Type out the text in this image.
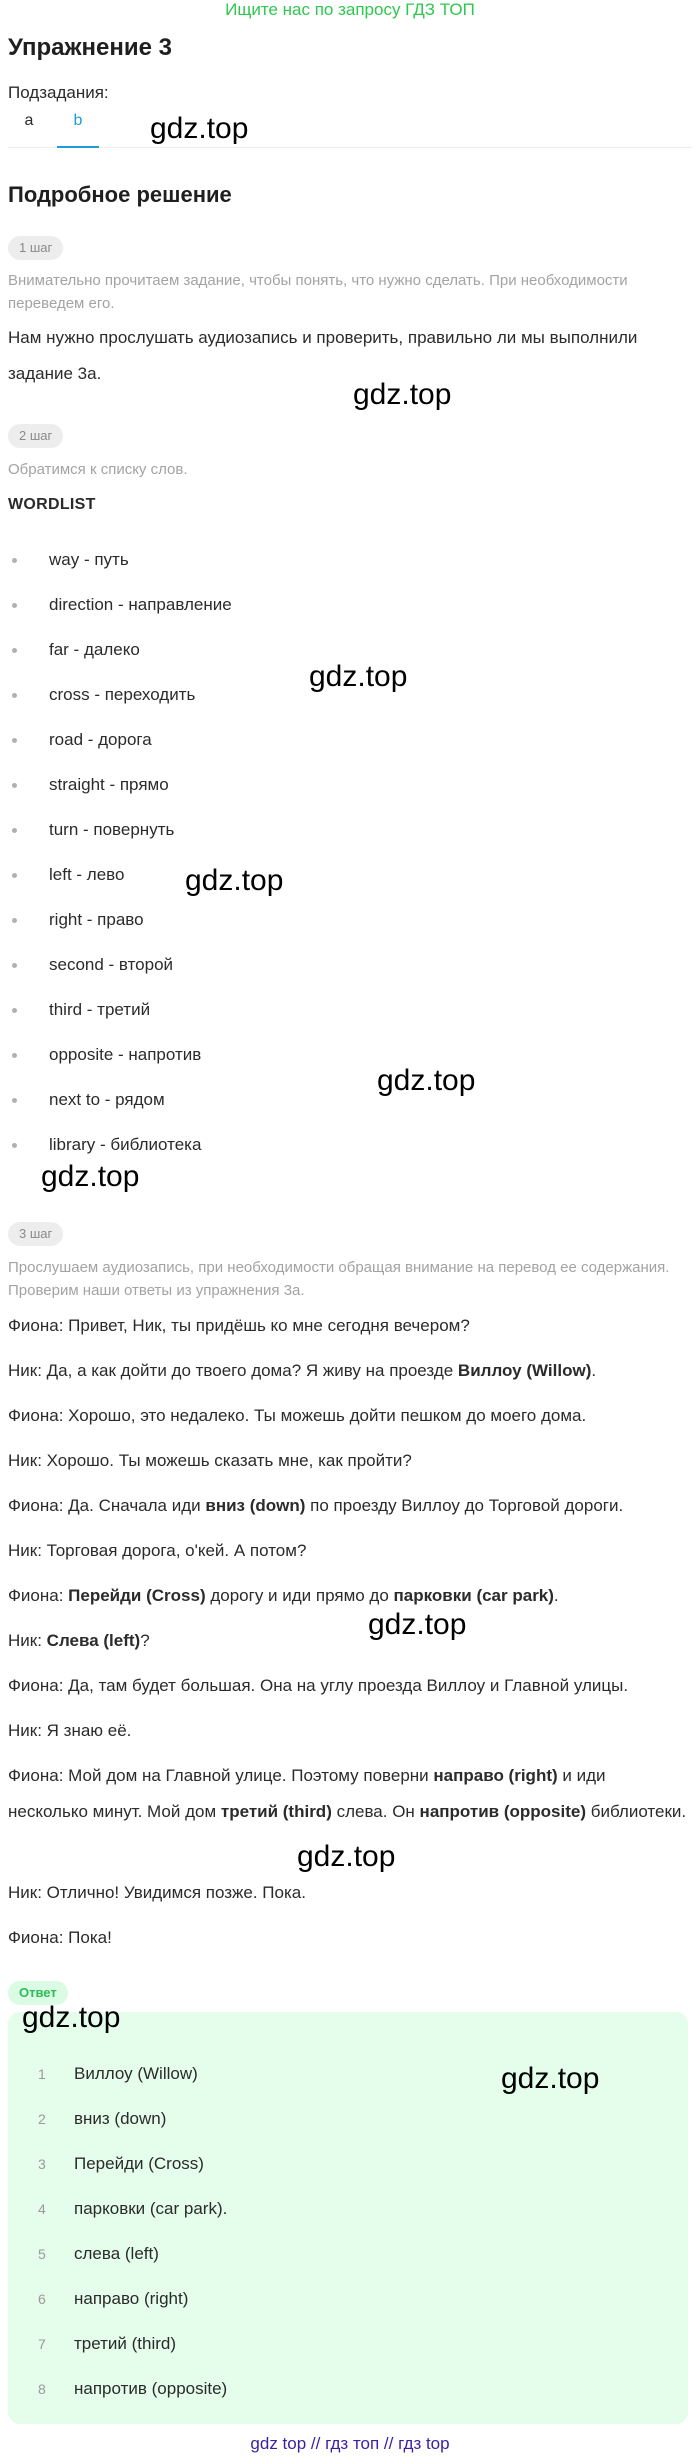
Ищите нас по запросу ГДЗ ТОП
Упражнение 3
Подзадания:
a	b
Подробное решение
1 шаг
Внимательно прочитаем задание, чтобы понять, что нужно сделать. При необходимости переведем его.
Нам нужно прослушать аудиозапись и проверить, правильно ли мы выполнили задание 3a.
2 шаг
Обратимся к списку слов.
WORDLIST
way - путь
direction - направление
far - далеко
cross - переходить
road - дорога
straight - прямо
turn - повернуть
left - лево
right - право
second - второй
third - третий
opposite - напротив
next to - рядом
library - библиотека
3 шаг
Прослушаем аудиозапись, при необходимости обращая внимание на перевод ее содержания. Проверим наши ответы из упражнения 3a.
Фиона: Привет, Ник, ты придёшь ко мне сегодня вечером?
Ник: Да, а как дойти до твоего дома? Я живу на проезде Виллоу (Willow).
Фиона: Хорошо, это недалеко. Ты можешь дойти пешком до моего дома.
Ник: Хорошо. Ты можешь сказать мне, как пройти?
Фиона: Да. Сначала иди вниз (down) по проезду Виллоу до Торговой дороги.
Ник: Торговая дорога, о'кей. А потом?
Фиона: Перейди (Cross) дорогу и иди прямо до парковки (car park).
Ник: Слева (left)?
Фиона: Да, там будет большая. Она на углу проезда Виллоу и Главной улицы.
Ник: Я знаю её.
Фиона: Мой дом на Главной улице. Поэтому поверни направо (right) и иди несколько минут. Мой дом третий (third) слева. Он напротив (opposite) библиотеки.
Ник: Отлично! Увидимся позже. Пока.
Фиона: Пока!
Ответ
1	Виллоу (Willow)
2	вниз (down)
3	Перейди (Cross)
4	парковки (car park).
5	слева (left)
6	направо (right)
7	третий (third)
8	напротив (opposite)
gdz.top
gdz.top
gdz.top
gdz.top
gdz.top
gdz.top
gdz.top
gdz.top
gdz.top
gdz.top
gdz top // гдз топ // гдз top
